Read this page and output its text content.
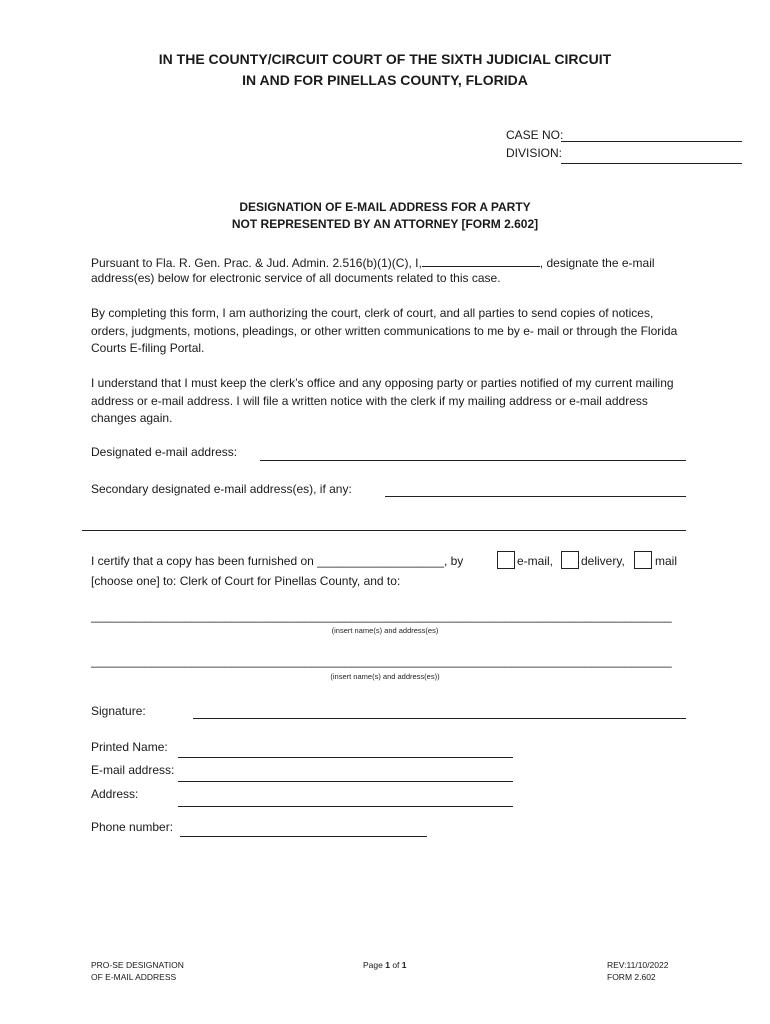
IN THE COUNTY/CIRCUIT COURT OF THE SIXTH JUDICIAL CIRCUIT
IN AND FOR PINELLAS COUNTY, FLORIDA
CASE NO:
DIVISION:
DESIGNATION OF E-MAIL ADDRESS FOR A PARTY
NOT REPRESENTED BY AN ATTORNEY [FORM 2.602]
Pursuant to Fla. R. Gen. Prac. & Jud. Admin. 2.516(b)(1)(C), I,	, designate the e-mail
address(es) below for electronic service of all documents related to this case.
By completing this form, I am authorizing the court, clerk of court, and all parties to send copies of notices, orders, judgments, motions, pleadings, or other written communications to me by e- mail or through the Florida Courts E-filing Portal.
I understand that I must keep the clerk’s office and any opposing party or parties notified of my current mailing address or e-mail address. I will file a written notice with the clerk if my mailing address or e-mail address changes again.
Designated e-mail address:
Secondary designated e-mail address(es), if any:
I certify that a copy has been furnished on ___________________, by	e-mail, delivery,	mail
[choose one] to: Clerk of Court for Pinellas County, and to:
_______________________________________________________________________________________
(insert name(s) and address(es)
_______________________________________________________________________________________
(insert name(s) and address(es))
Signature:
Printed Name:
E-mail address:
Address:
Phone number:
PRO-SE DESIGNATION
OF E-MAIL ADDRESS
Page 1 of 1	REV:11/10/2022
FORM 2.602
